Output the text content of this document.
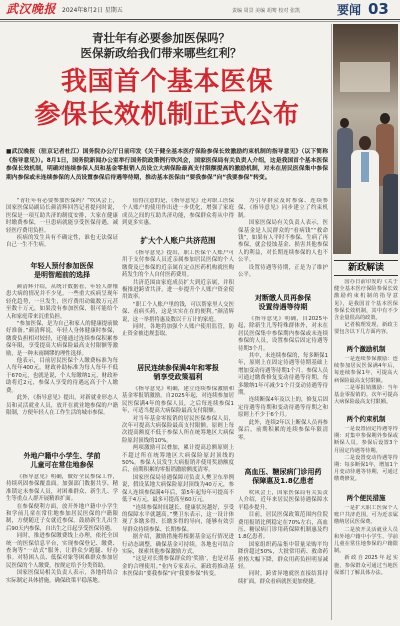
武汉晚报 2024年8月2日 星期五	责编 周景 美编 胡骞 校对 张凯	要闻 03
青壮年有必要参加医保吗？
医保新政给我们带来哪些红利？
我国首个基本医保
参保长效机制正式公布

■武汉晚报（驻京记者杜江）国务院办公厅日前印发《关于健全基本医疗保险参保长效激励约束机制的指导意见》（以下简称《指导意见》）。8月1日，国务院新闻办公室举行国务院政策例行吹风会，国家医保局有关负责人介绍，这是我国首个基本医保参保长效机制，明确对连续参保人员和基金零报销人员设立大病保险最高支付限额提高的激励机制，对未在居民医保集中参保期内参保或未连续参保的人员设置参保后待遇等待期，推动基本医保由“要我参保”向“我要参保”转变。

“青壮年有必要参加医保吗？”吹风会上，国家医保局副局长颜清辉回答记者提问时说，医保是一项互助共济的制度安排，大家在健康时缴费参保，一旦患病就能享受医保待遇，减轻医疗费用负担。

疾病的发生具有不确定性，谁也无法保证自己一生不生病。

年轻人预付参加医保
是明智超前的选择

颜清辉介绍，从统计数据看，年轻人群罹患大病的情况并不少见。一些重大疾病呈现年轻化趋势，一旦发生，医疗费用动辄数万元甚至数十万元，如果没有参加医保，很可能给个人和家庭带来沉重负担。

“参加医保，是为自己和家人的健康提前做好准备。”颜清辉说，年轻人身体健康时参保，缴费负担相对较轻，还能通过连续参保积累参保年限，享受提高大病保险最高支付限额等激励，是一种未雨绸缪的理性选择。

他表示，目前居民医保个人缴费标准为每人每年400元，财政补助标准为每人每年不低于670元，也就是说，个人每缴纳1元，财政补助将近2元，参保人享受的待遇远高于个人缴费。

此外，《指导意见》提出，对新就业形态人员和灵活就业人员，放开在就业地参保的户籍限制，方便年轻人在工作生活的城市参保。

外地户籍中小学生、学前
儿童可在常住地参保

《指导意见》明确，做好全民参保工作，持续巩固参保覆盖面。加强部门数据共享，精准锁定未参保人员，对困难群众、新生儿、学生等重点人群开展精准扩面。

在参保便利方面，放开外地户籍中小学生和学前儿童在常住地参加居民医保的户籍限制，方便随迁子女就近参保。鼓励新生儿出生后90天内参保，自出生之日起享受医保待遇。

同时，推进参保缴费线上办理，依托全国统一的医保信息平台，实现参保登记、缴费、查询等“一站式”服务，让群众少跑腿、好办事。对特困人员、低保对象等困难群众参加居民医保的个人缴费，按规定给予分类资助。

国家医保局相关负责人表示，各地将结合实际制定具体措施，确保政策平稳落地。

值得注意的是，《指导意见》还对职工医保个人账户的使用作出进一步优化，增强了家庭成员之间的互助共济功能，参保群众将从中得到更多实惠。

扩大个人账户共济范围

《指导意见》提出，职工医保个人账户可用于支付参保人员近亲属参加居民医保的个人缴费及已参保的近亲属在定点医药机构就医购药发生的个人自付医药费用。

共济范围由家庭成员扩大到近亲属，并积极推进跨省共济，进一步提升个人账户资金使用效率。

“职工个人账户里的钱，可以帮家里人交医保、看病买药，这是实实在在的便利。”颜清辉说，这一举措将惠及数以千万计的家庭。

同时，各地将加强个人账户使用监管，防止资金被违规套取。

居民连续参保满4年和零报
销享受政策福利

《指导意见》明确，建立连续参保激励和基金零报销激励。自2025年起，对连续参加居民医保满4年的参保人员，之后每连续参保1年，可适当提高大病保险最高支付限额。

对当年基金零报销的居民医保参保人员，次年可提高大病保险最高支付限额。原则上每次提高额度不低于参保人所在统筹地区大病保险原封顶线的10%。

两项激励可以叠加，累计提高总额原则上不超过所在统筹地区大病保险原封顶线的50%。参保人员发生大病报销并使用奖励额度后，前期积累的零报销激励额度清零。

国家医保局待遇保障司负责人樊卫东举例说，假设某地大病保险原封顶线为40万元，参保人连续参保满4年后，第5年起每年可提高不低于4万元，最多可提高至60万元。

“连续参保时间越长、健康状况越好，享受的保障水平就越高。”樊卫东表示，这一设计体现了多缴多得、长缴多得的导向，能够有效引导群众持续参保、长期参保。

据介绍，激励措施将根据基金运行情况进行动态调整，确保基金可持续。各地也可结合实际，探索其他参保激励方式。

“这是对长期参保群众的‘奖励’，也是对基金的合理使用。”业内专家表示，新政将推动基本医保由“要我参保”向“我要参保”转变。

为引导群众及时参保、连续参保，《指导意见》同步建立了约束机制。

国家医保局有关负责人表示，医保基金是人民群众的“看病钱”“救命钱”，如果有人平时不参保、生病了再参保，就会侵蚀基金、损害其他参保人的利益，对长期连续参保的人也不公平。

设置待遇等待期，正是为了维护公平。

对断缴人员再参保
设置待遇等待期

《指导意见》明确，自2025年起，除新生儿等特殊群体外，对未在居民医保集中参保期内参保或未连续参保的人员，设置参保后固定待遇等待期3个月。

其中，未连续参保的，每多断保1年，原则上在固定待遇等待期基础上增加变动待遇等待期1个月。参保人员可通过缴费修复变动待遇等待期，每多缴纳1年可减少1个月变动待遇等待期。

连续断保4年及以上的，修复后固定待遇等待期和变动待遇等待期之和原则上不少于6个月。

此外，连续2年以上断保人员再参保后，前期积累的连续参保年限清零。

高血压、糖尿病门诊用药
保障惠及1.8亿患者

吹风会上，国家医保局有关负责人介绍，近年来居民医保待遇保障水平稳步提升。

目前，居民医保政策范围内住院费用报销比例稳定在70%左右，高血压、糖尿病门诊用药保障机制惠及约1.8亿患者。

国家组织药品集中带量采购平均降价超过50%，大批常用药、救命药价格大幅下降，群众用药负担明显减轻。

同时，跨省异地就医直接结算持续扩面，群众看病就医更加便捷。

新政解读

国办日前印发的《关于健全基本医疗保险参保长效激励约束机制的指导意见》，是我国首个基本医保参保长效机制，其中有不少含金量很高的政策。

记者梳理发现，新政主要包含以下几方面内容。

两个激励机制

一是连续参保激励：连续参加居民医保满4年后，每连续参保1年，可提高大病保险最高支付限额。

二是零报销激励：当年基金零报销的，次年可提高大病保险最高支付限额。

两个约束机制

一是设置固定待遇等待期：对集中参保期外参保或断保人员，参保后设置3个月固定待遇等待期。

二是设置变动待遇等待期：每多断保1年，增加1个月变动待遇等待期，可通过缴费修复。

两个便民措施

一是扩大职工医保个人账户共济范围，可为近亲属缴纳居民医保费。

二是放开灵活就业人员和外地户籍中小学生、学前儿童在常住地参保的户籍限制。

新政自2025年起实施，参保群众可通过当地医保部门了解具体办法。
